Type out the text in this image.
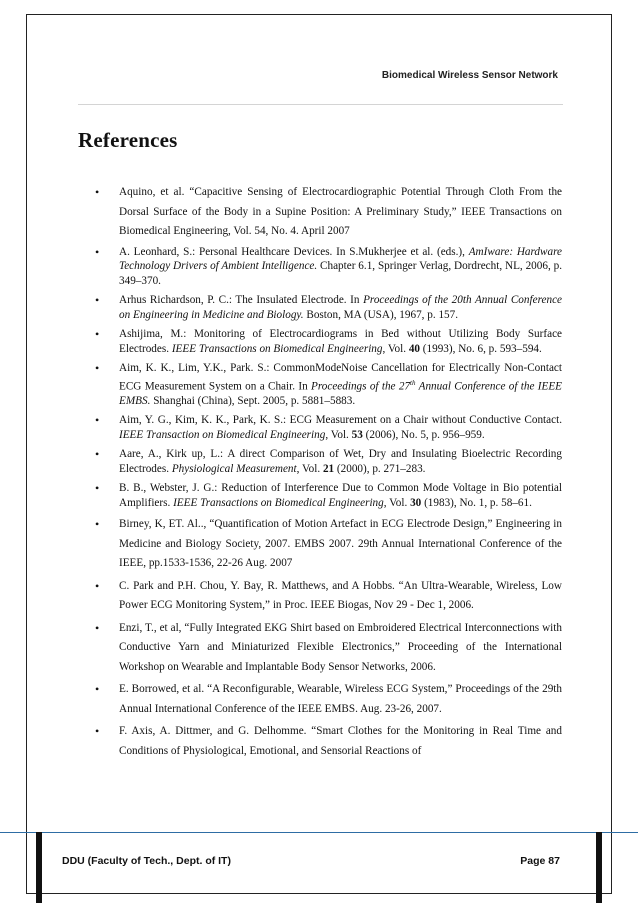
Biomedical Wireless Sensor Network
References
• Aquino, et al. “Capacitive Sensing of Electrocardiographic Potential Through Cloth From the Dorsal Surface of the Body in a Supine Position: A Preliminary Study,” IEEE Transactions on Biomedical Engineering, Vol. 54, No. 4. April 2007
• A. Leonhard, S.: Personal Healthcare Devices. In S.Mukherjee et al. (eds.), AmIware: Hardware Technology Drivers of Ambient Intelligence. Chapter 6.1, Springer Verlag, Dordrecht, NL, 2006, p. 349–370.
• Arhus Richardson, P. C.: The Insulated Electrode. In Proceedings of the 20th Annual Conference on Engineering in Medicine and Biology. Boston, MA (USA), 1967, p. 157.
• Ashijima, M.: Monitoring of Electrocardiograms in Bed without Utilizing Body Surface Electrodes. IEEE Transactions on Biomedical Engineering, Vol. 40 (1993), No. 6, p. 593–594.
• Aim, K. K., Lim, Y.K., Park. S.: CommonModeNoise Cancellation for Electrically Non-Contact ECG Measurement System on a Chair. In Proceedings of the 27th Annual Conference of the IEEE EMBS. Shanghai (China), Sept. 2005, p. 5881–5883.
• Aim, Y. G., Kim, K. K., Park, K. S.: ECG Measurement on a Chair without Conductive Contact. IEEE Transaction on Biomedical Engineering, Vol. 53 (2006), No. 5, p. 956–959.
• Aare, A., Kirk up, L.: A direct Comparison of Wet, Dry and Insulating Bioelectric Recording Electrodes. Physiological Measurement, Vol. 21 (2000), p. 271–283.
• B. B., Webster, J. G.: Reduction of Interference Due to Common Mode Voltage in Bio potential Amplifiers. IEEE Transactions on Biomedical Engineering, Vol. 30 (1983), No. 1, p. 58–61.
• Birney, K, ET. Al.., “Quantification of Motion Artefact in ECG Electrode Design,” Engineering in Medicine and Biology Society, 2007. EMBS 2007. 29th Annual International Conference of the IEEE, pp.1533-1536, 22-26 Aug. 2007
• C. Park and P.H. Chou, Y. Bay, R. Matthews, and A Hobbs. “An Ultra-Wearable, Wireless, Low Power ECG Monitoring System,” in Proc. IEEE Biogas, Nov 29 - Dec 1, 2006.
• Enzi, T., et al, “Fully Integrated EKG Shirt based on Embroidered Electrical Interconnections with Conductive Yarn and Miniaturized Flexible Electronics,” Proceeding of the International Workshop on Wearable and Implantable Body Sensor Networks, 2006.
• E. Borrowed, et al. “A Reconfigurable, Wearable, Wireless ECG System,” Proceedings of the 29th Annual International Conference of the IEEE EMBS. Aug. 23-26, 2007.
• F. Axis, A. Dittmer, and G. Delhomme. “Smart Clothes for the Monitoring in Real Time and Conditions of Physiological, Emotional, and Sensorial Reactions of
DDU (Faculty of Tech., Dept. of IT)	Page 87
